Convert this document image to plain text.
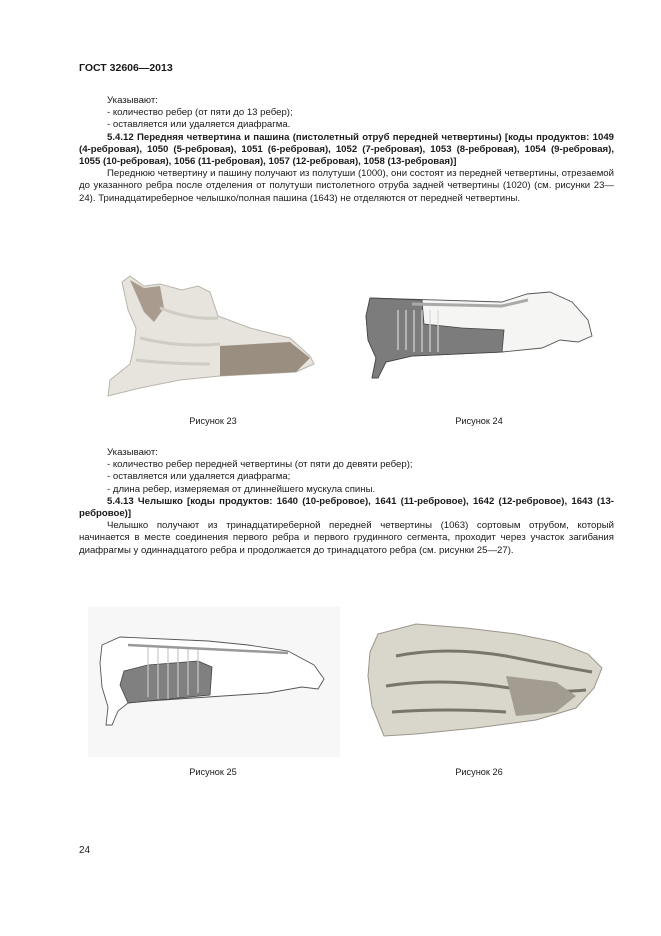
ГОСТ 32606—2013
Указывают:
- количество ребер (от пяти до 13 ребер);
- оставляется или удаляется диафрагма.
5.4.12 Передняя четвертина и пашина (пистолетный отруб передней четвертины) [коды продуктов: 1049 (4-ребровая), 1050 (5-ребровая), 1051 (6-ребровая), 1052 (7-ребровая), 1053 (8-ребровая), 1054 (9-ребровая), 1055 (10-ребровая), 1056 (11-ребровая), 1057 (12-ребровая), 1058 (13-ребровая)]
Переднюю четвертину и пашину получают из полутуши (1000), они состоят из передней четвертины, отрезаемой до указанного ребра после отделения от полутуши пистолетного отруба задней четвертины (1020) (см. рисунки 23—24). Тринадцатиреберное челышко/полная пашина (1643) не отделяются от передней четвертины.
Рисунок 23	Рисунок 24
Указывают:
- количество ребер передней четвертины (от пяти до девяти ребер);
- оставляется или удаляется диафрагма;
- длина ребер, измеряемая от длиннейшего мускула спины.
5.4.13 Челышко [коды продуктов: 1640 (10-ребровое), 1641 (11-ребровое), 1642 (12-ребровое), 1643 (13-ребровое)]
Челышко получают из тринадцатиреберной передней четвертины (1063) сортовым отрубом, который начинается в месте соединения первого ребра и первого грудинного сегмента, проходит через участок загибания диафрагмы у одиннадцатого ребра и продолжается до тринадцатого ребра (см. рисунки 25—27).
Рисунок 25	Рисунок 26
24
